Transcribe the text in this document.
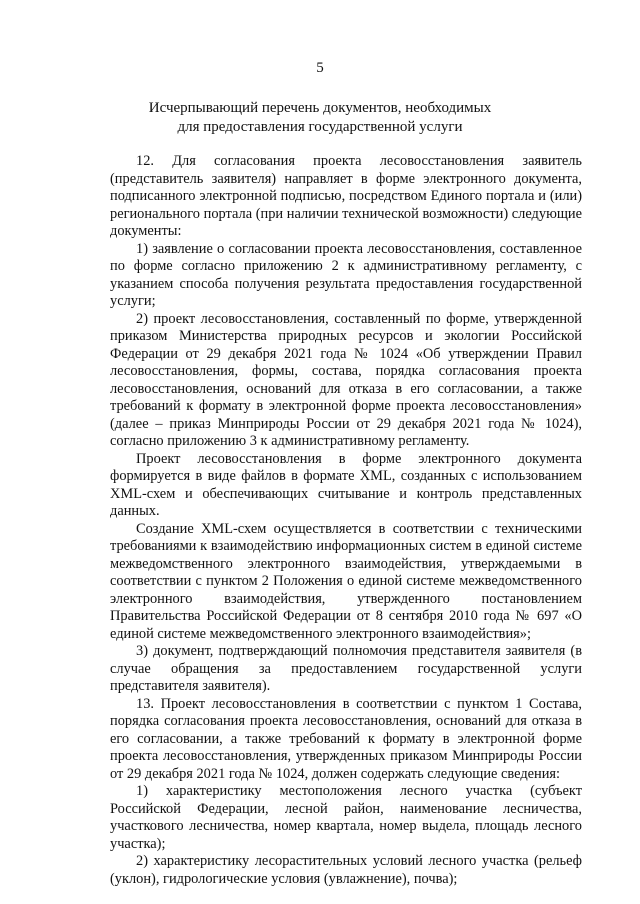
5
Исчерпывающий перечень документов, необходимых
для предоставления государственной услуги

12. Для согласования проекта лесовосстановления заявитель (представитель заявителя) направляет в форме электронного документа, подписанного электронной подписью, посредством Единого портала и (или) регионального портала (при наличии технической возможности) следующие документы:

1) заявление о согласовании проекта лесовосстановления, составленное по форме согласно приложению 2 к административному регламенту, с указанием способа получения результата предоставления государственной услуги;

2) проект лесовосстановления, составленный по форме, утвержденной приказом Министерства природных ресурсов и экологии Российской Федерации от 29 декабря 2021 года № 1024 «Об утверждении Правил лесовосстановления, формы, состава, порядка согласования проекта лесовосстановления, оснований для отказа в его согласовании, а также требований к формату в электронной форме проекта лесовосстановления» (далее – приказ Минприроды России от 29 декабря 2021 года № 1024), согласно приложению 3 к административному регламенту.

Проект лесовосстановления в форме электронного документа формируется в виде файлов в формате XML, созданных с использованием XML-схем и обеспечивающих считывание и контроль представленных данных.

Создание XML-схем осуществляется в соответствии с техническими требованиями к взаимодействию информационных систем в единой системе межведомственного электронного взаимодействия, утверждаемыми в соответствии с пунктом 2 Положения о единой системе межведомственного электронного взаимодействия, утвержденного постановлением Правительства Российской Федерации от 8 сентября 2010 года № 697 «О единой системе межведомственного электронного взаимодействия»;

3) документ, подтверждающий полномочия представителя заявителя (в случае обращения за предоставлением государственной услуги представителя заявителя).

13. Проект лесовосстановления в соответствии с пунктом 1 Состава, порядка согласования проекта лесовосстановления, оснований для отказа в его согласовании, а также требований к формату в электронной форме проекта лесовосстановления, утвержденных приказом Минприроды России от 29 декабря 2021 года № 1024, должен содержать следующие сведения:

1) характеристику местоположения лесного участка (субъект Российской Федерации, лесной район, наименование лесничества, участкового лесничества, номер квартала, номер выдела, площадь лесного участка);

2) характеристику лесорастительных условий лесного участка (рельеф (уклон), гидрологические условия (увлажнение), почва);
